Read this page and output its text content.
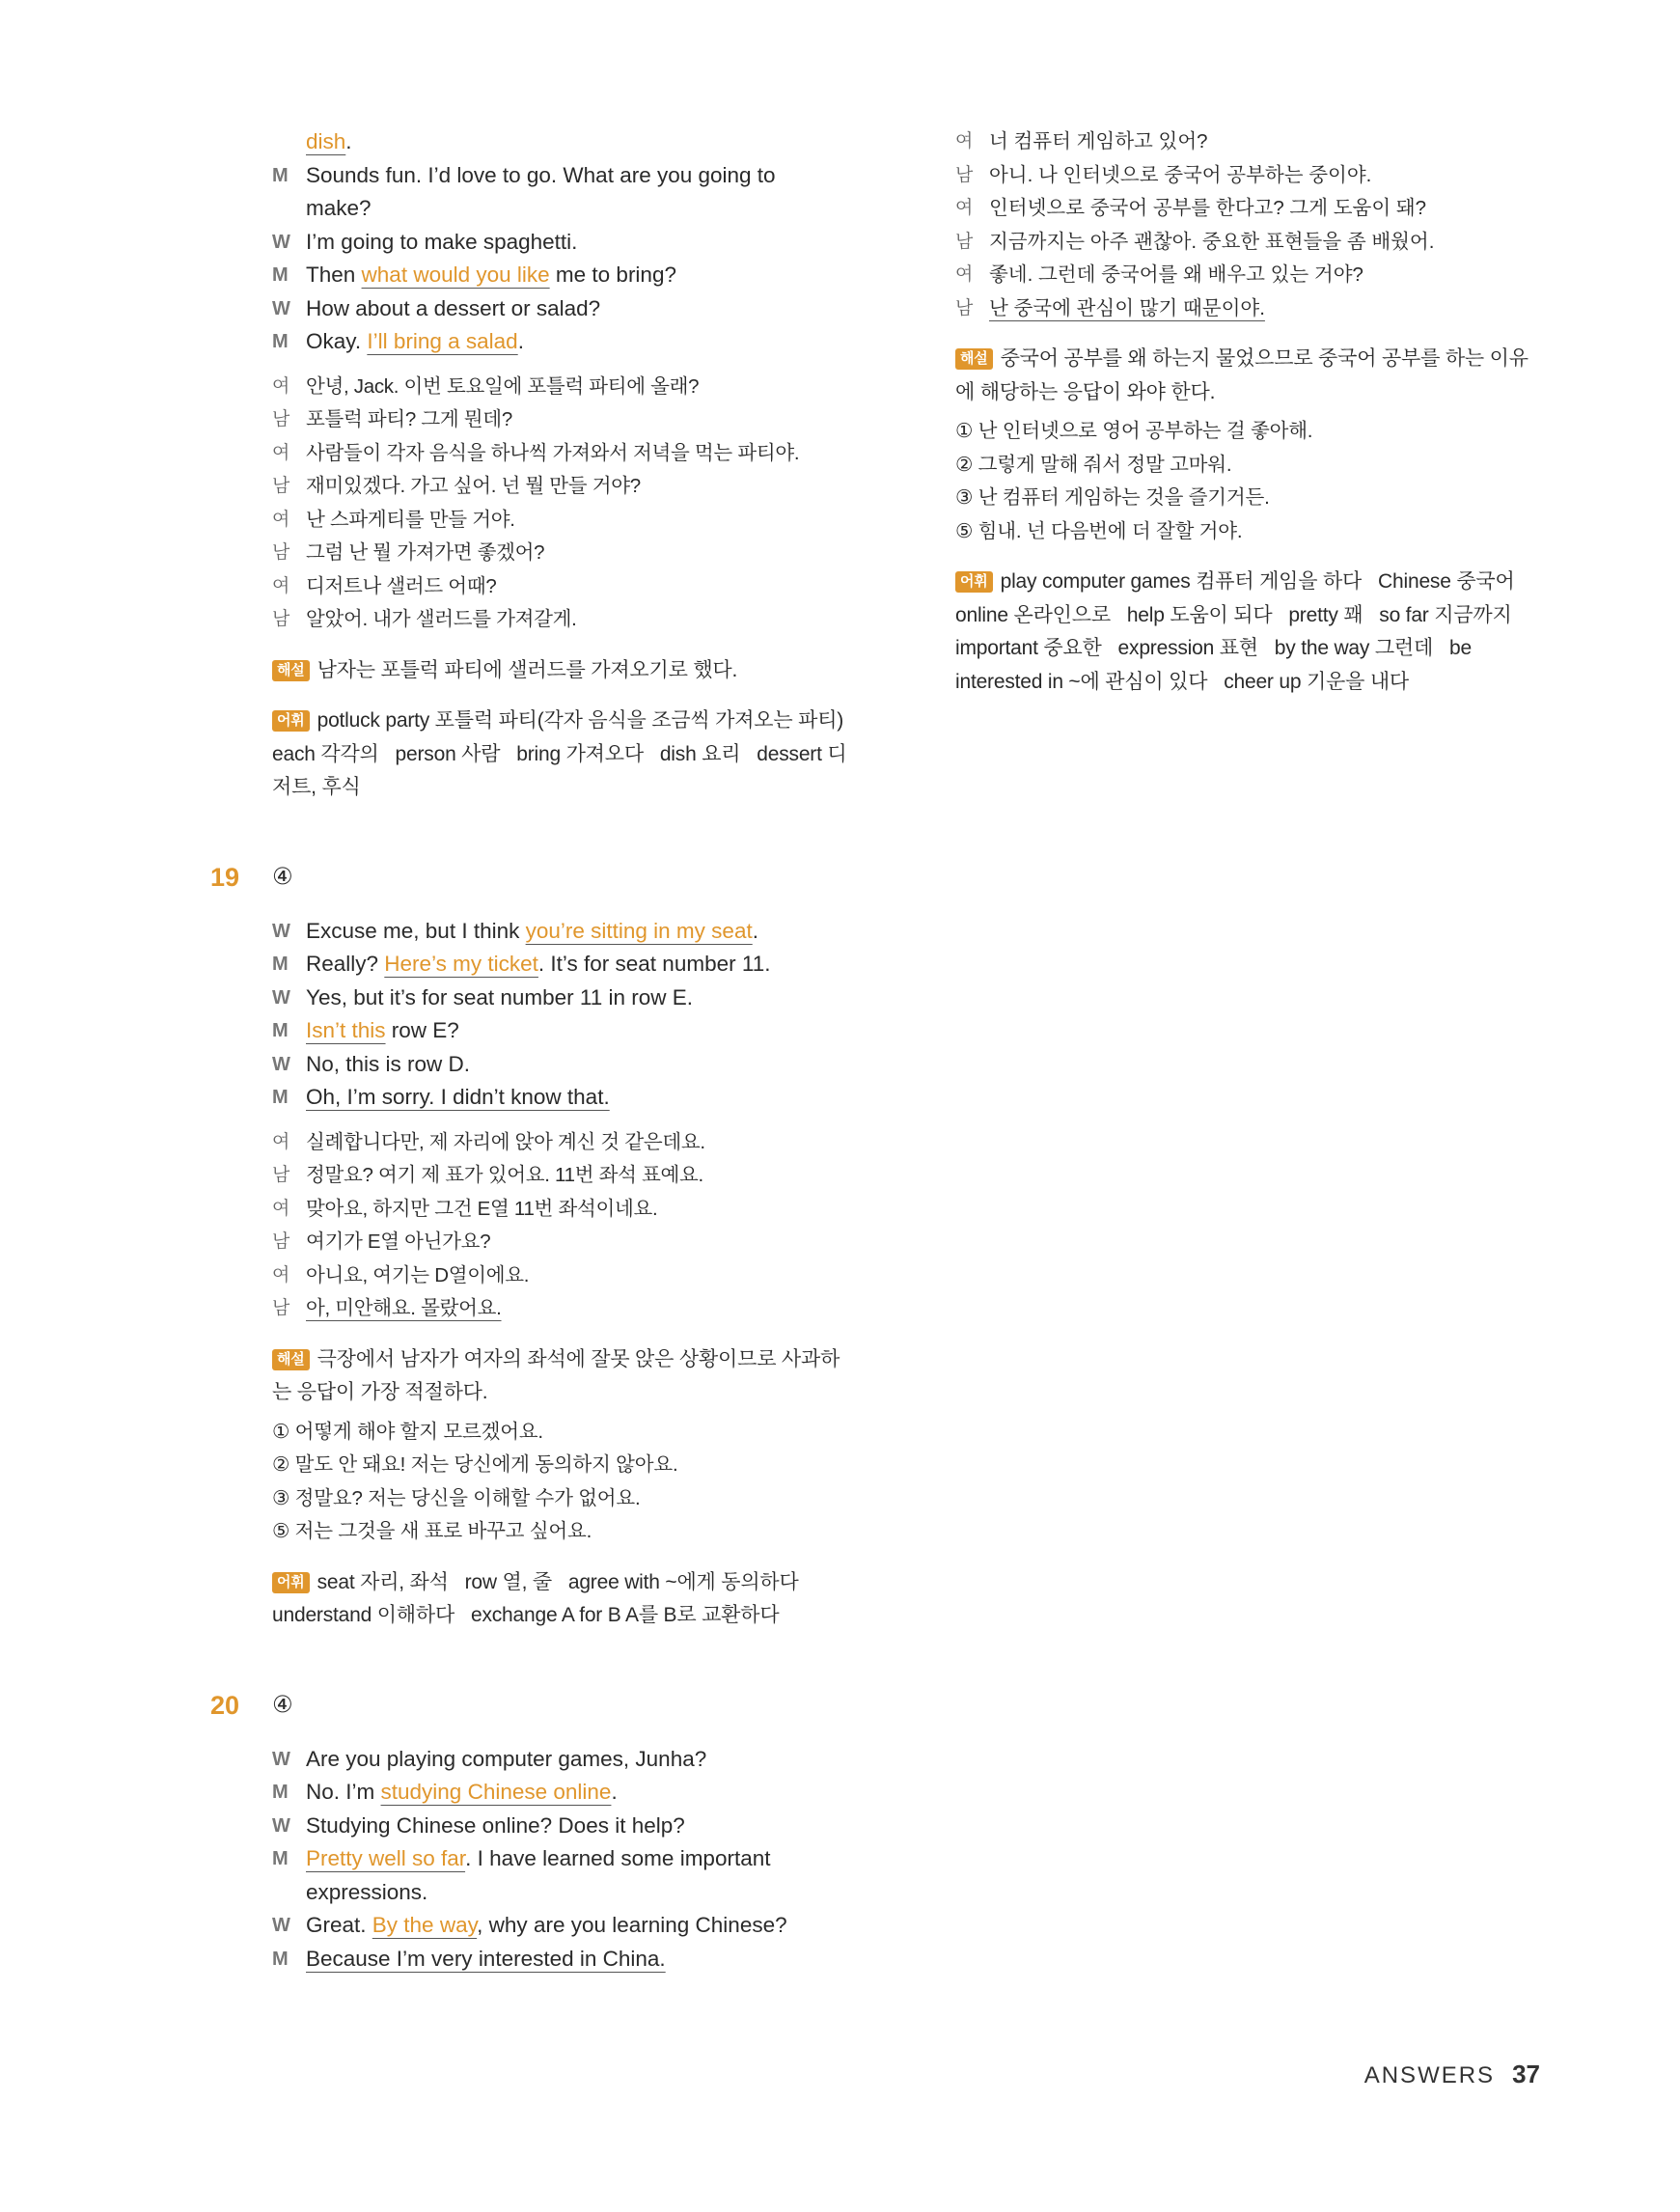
dish.
M Sounds fun. I’d love to go. What are you going to
make?
W I’m going to make spaghetti.
M Then what would you like me to bring?
W How about a dessert or salad?
M Okay. I’ll bring a salad.
여 안녕, Jack. 이번 토요일에 포틀럭 파티에 올래?
남 포틀럭 파티? 그게 뭔데?
여 사람들이 각자 음식을 하나씩 가져와서 저녁을 먹는 파티야.
남 재미있겠다. 가고 싶어. 넌 뭘 만들 거야?
여 난 스파게티를 만들 거야.
남 그럼 난 뭘 가져가면 좋겠어?
여 디저트나 샐러드 어때?
남 알았어. 내가 샐러드를 가져갈게.

해설 남자는 포틀럭 파티에 샐러드를 가져오기로 했다.

어휘 potluck party 포틀럭 파티(각자 음식을 조금씩 가져오는 파티)   each 각각의   person 사람   bring 가져오다   dish 요리   dessert 디저트, 후식

19 ④
W Excuse me, but I think you’re sitting in my seat.
M Really? Here’s my ticket. It’s for seat number 11.
W Yes, but it’s for seat number 11 in row E.
M Isn’t this row E?
W No, this is row D.
M Oh, I’m sorry. I didn’t know that.
여 실례합니다만, 제 자리에 앉아 계신 것 같은데요.
남 정말요? 여기 제 표가 있어요. 11번 좌석 표예요.
여 맞아요, 하지만 그건 E열 11번 좌석이네요.
남 여기가 E열 아닌가요?
여 아니요, 여기는 D열이에요.
남 아, 미안해요. 몰랐어요.

해설 극장에서 남자가 여자의 좌석에 잘못 앉은 상황이므로 사과하는 응답이 가장 적절하다.

① 어떻게 해야 할지 모르겠어요.

② 말도 안 돼요! 저는 당신에게 동의하지 않아요.

③ 정말요? 저는 당신을 이해할 수가 없어요.

⑤ 저는 그것을 새 표로 바꾸고 싶어요.

어휘 seat 자리, 좌석   row 열, 줄   agree with ~에게 동의하다   understand 이해하다   exchange A for B A를 B로 교환하다

20 ④
W Are you playing computer games, Junha?
M No. I’m studying Chinese online.
W Studying Chinese online? Does it help?
M Pretty well so far. I have learned some important
expressions.
W Great. By the way, why are you learning Chinese?
M Because I’m very interested in China.
여 너 컴퓨터 게임하고 있어?
남 아니. 나 인터넷으로 중국어 공부하는 중이야.
여 인터넷으로 중국어 공부를 한다고? 그게 도움이 돼?
남 지금까지는 아주 괜찮아. 중요한 표현들을 좀 배웠어.
여 좋네. 그런데 중국어를 왜 배우고 있는 거야?
남 난 중국에 관심이 많기 때문이야.

해설 중국어 공부를 왜 하는지 물었으므로 중국어 공부를 하는 이유에 해당하는 응답이 와야 한다.

① 난 인터넷으로 영어 공부하는 걸 좋아해.

② 그렇게 말해 줘서 정말 고마워.

③ 난 컴퓨터 게임하는 것을 즐기거든.

⑤ 힘내. 넌 다음번에 더 잘할 거야.

어휘 play computer games 컴퓨터 게임을 하다   Chinese 중국어   online 온라인으로   help 도움이 되다   pretty 꽤   so far 지금까지   important 중요한   expression 표현   by the way 그런데   be interested in ~에 관심이 있다   cheer up 기운을 내다

ANSWERS 37
